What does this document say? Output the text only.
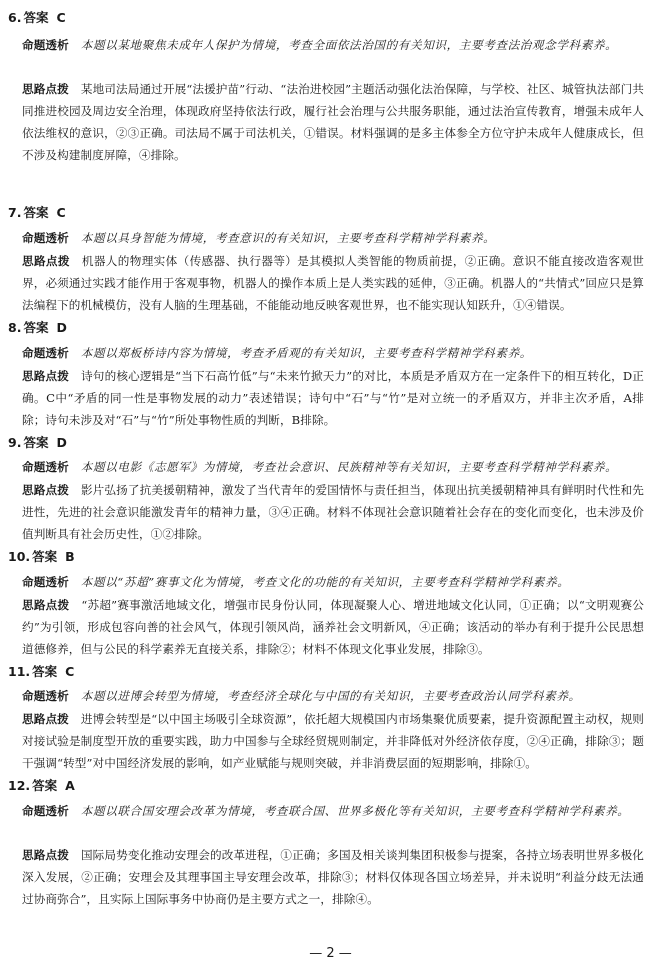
6. 答案 C
命题透析 本题以某地聚焦未成年人保护为情境，考查全面依法治国的有关知识，主要考查法治观念学科素养。
思路点拨 某地司法局通过开展“法援护苗”行动、“法治进校园”主题活动强化法治保障，与学校、社区、城管执法部门共同推进校园及周边安全治理，体现政府坚持依法行政，履行社会治理与公共服务职能，通过法治宣传教育，增强未成年人依法维权的意识，②③正确。司法局不属于司法机关，①错误。材料强调的是多主体参全方位守护未成年人健康成长，但不涉及构建制度屏障，④排除。
7. 答案 C
命题透析 本题以具身智能为情境，考查意识的有关知识，主要考查科学精神学科素养。
思路点拨 机器人的物理实体（传感器、执行器等）是其模拟人类智能的物质前提，②正确。意识不能直接改造客观世界，必须通过实践才能作用于客观事物，机器人的操作本质上是人类实践的延伸，③正确。机器人的“共情式”回应只是算法编程下的机械模仿，没有人脑的生理基础，不能能动地反映客观世界，也不能实现认知跃升，①④错误。
8. 答案 D
命题透析 本题以郑板桥诗内容为情境，考查矛盾观的有关知识，主要考查科学精神学科素养。
思路点拨 诗句的核心逻辑是“当下石高竹低”与“未来竹掀天力”的对比，本质是矛盾双方在一定条件下的相互转化，D正确。C中“矛盾的同一性是事物发展的动力”表述错误；诗句中“石”与“竹”是对立统一的矛盾双方，并非主次矛盾，A排除；诗句未涉及对“石”与“竹”所处事物性质的判断，B排除。
9. 答案 D
命题透析 本题以电影《志愿军》为情境，考查社会意识、民族精神等有关知识，主要考查科学精神学科素养。
思路点拨 影片弘扬了抗美援朝精神，激发了当代青年的爱国情怀与责任担当，体现出抗美援朝精神具有鲜明时代性和先进性，先进的社会意识能激发青年的精神力量，③④正确。材料不体现社会意识随着社会存在的变化而变化，也未涉及价值判断具有社会历史性，①②排除。
10. 答案 B
命题透析 本题以“苏超”赛事文化为情境，考查文化的功能的有关知识，主要考查科学精神学科素养。
思路点拨 “苏超”赛事激活地域文化，增强市民身份认同，体现凝聚人心、增进地域文化认同，①正确；以“文明观赛公约”为引领，形成包容向善的社会风气，体现引领风尚，涵养社会文明新风，④正确；该活动的举办有利于提升公民思想道德修养，但与公民的科学素养无直接关系，排除②；材料不体现文化事业发展，排除③。
11. 答案 C
命题透析 本题以进博会转型为情境，考查经济全球化与中国的有关知识，主要考查政治认同学科素养。
思路点拨 进博会转型是“以中国主场吸引全球资源”，依托超大规模国内市场集聚优质要素，提升资源配置主动权，规则对接试验是制度型开放的重要实践，助力中国参与全球经贸规则制定，并非降低对外经济依存度，②④正确，排除③；题干强调“转型”对中国经济发展的影响，如产业赋能与规则突破，并非消费层面的短期影响，排除①。
12. 答案 A
命题透析 本题以联合国安理会改革为情境，考查联合国、世界多极化等有关知识，主要考查科学精神学科素养。
思路点拨 国际局势变化推动安理会的改革进程，①正确；多国及相关谈判集团积极参与提案，各持立场表明世界多极化深入发展，②正确；安理会及其理事国主导安理会改革，排除③；材料仅体现各国立场差异，并未说明“利益分歧无法通过协商弥合”，且实际上国际事务中协商仍是主要方式之一，排除④。
— 2 —
